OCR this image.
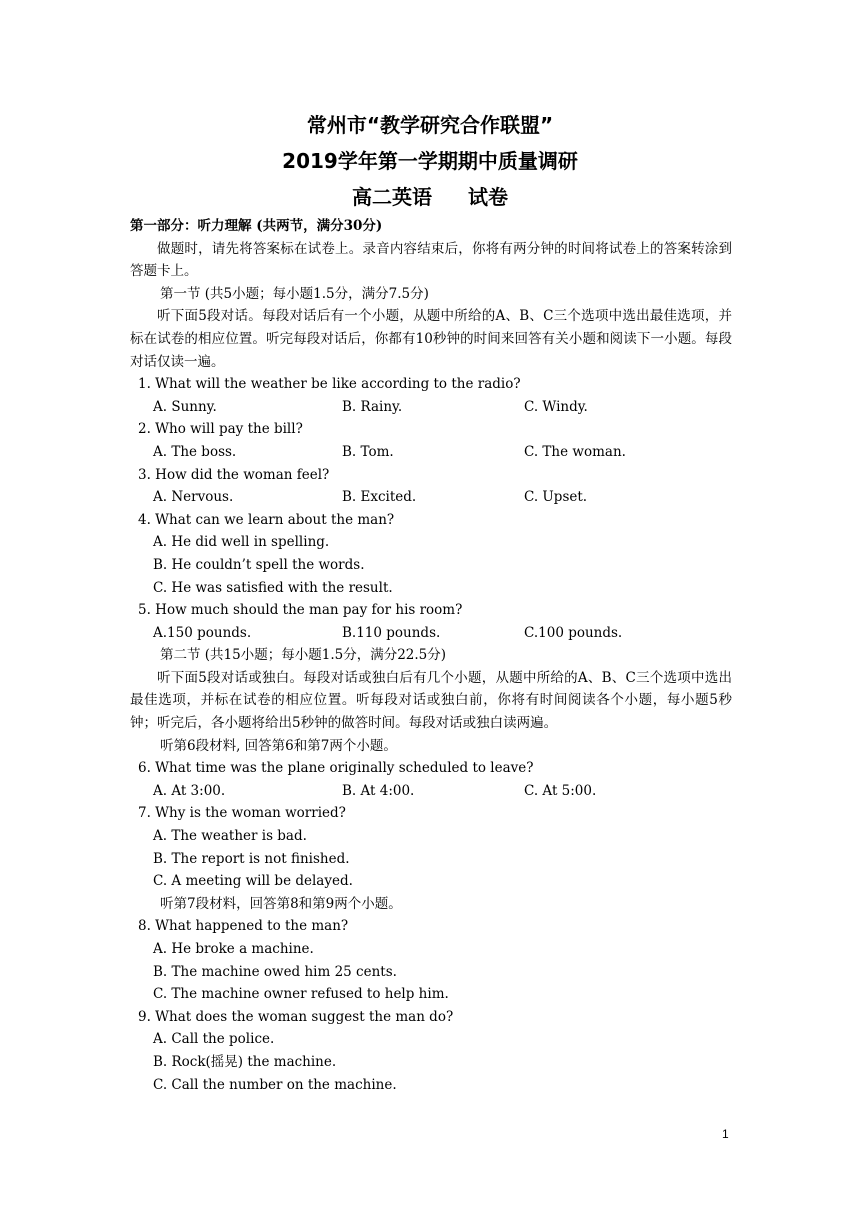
常州市“教学研究合作联盟”
2019学年第一学期期中质量调研
高二英语 试卷
第一部分：听力理解 (共两节，满分30分)
做题时，请先将答案标在试卷上。录音内容结束后，你将有两分钟的时间将试卷上的答案转涂到答题卡上。
第一节 (共5小题；每小题1.5分，满分7.5分)
听下面5段对话。每段对话后有一个小题，从题中所给的A、B、C三个选项中选出最佳选项，并标在试卷的相应位置。听完每段对话后，你都有10秒钟的时间来回答有关小题和阅读下一小题。每段对话仅读一遍。
1. What will the weather be like according to the radio?
A. Sunny.	B. Rainy.	C. Windy.
2. Who will pay the bill?
A. The boss.	B. Tom.	C. The woman.
3. How did the woman feel?
A. Nervous.	B. Excited.	C. Upset.
4. What can we learn about the man?
A. He did well in spelling.
B. He couldn’t spell the words.
C. He was satisfied with the result.
5. How much should the man pay for his room?
A.150 pounds.	B.110 pounds.	C.100 pounds.
第二节 (共15小题；每小题1.5分，满分22.5分)
听下面5段对话或独白。每段对话或独白后有几个小题，从题中所给的A、B、C三个选项中选出最佳选项，并标在试卷的相应位置。听每段对话或独白前，你将有时间阅读各个小题，每小题5秒钟；听完后，各小题将给出5秒钟的做答时间。每段对话或独白读两遍。
听第6段材料, 回答第6和第7两个小题。
6. What time was the plane originally scheduled to leave?
A. At 3:00.	B. At 4:00.	C. At 5:00.
7. Why is the woman worried?
A. The weather is bad.
B. The report is not finished.
C. A meeting will be delayed.
听第7段材料，回答第8和第9两个小题。
8. What happened to the man?
A. He broke a machine.
B. The machine owed him 25 cents.
C. The machine owner refused to help him.
9. What does the woman suggest the man do?
A. Call the police.
B. Rock(摇晃) the machine.
C. Call the number on the machine.
1
